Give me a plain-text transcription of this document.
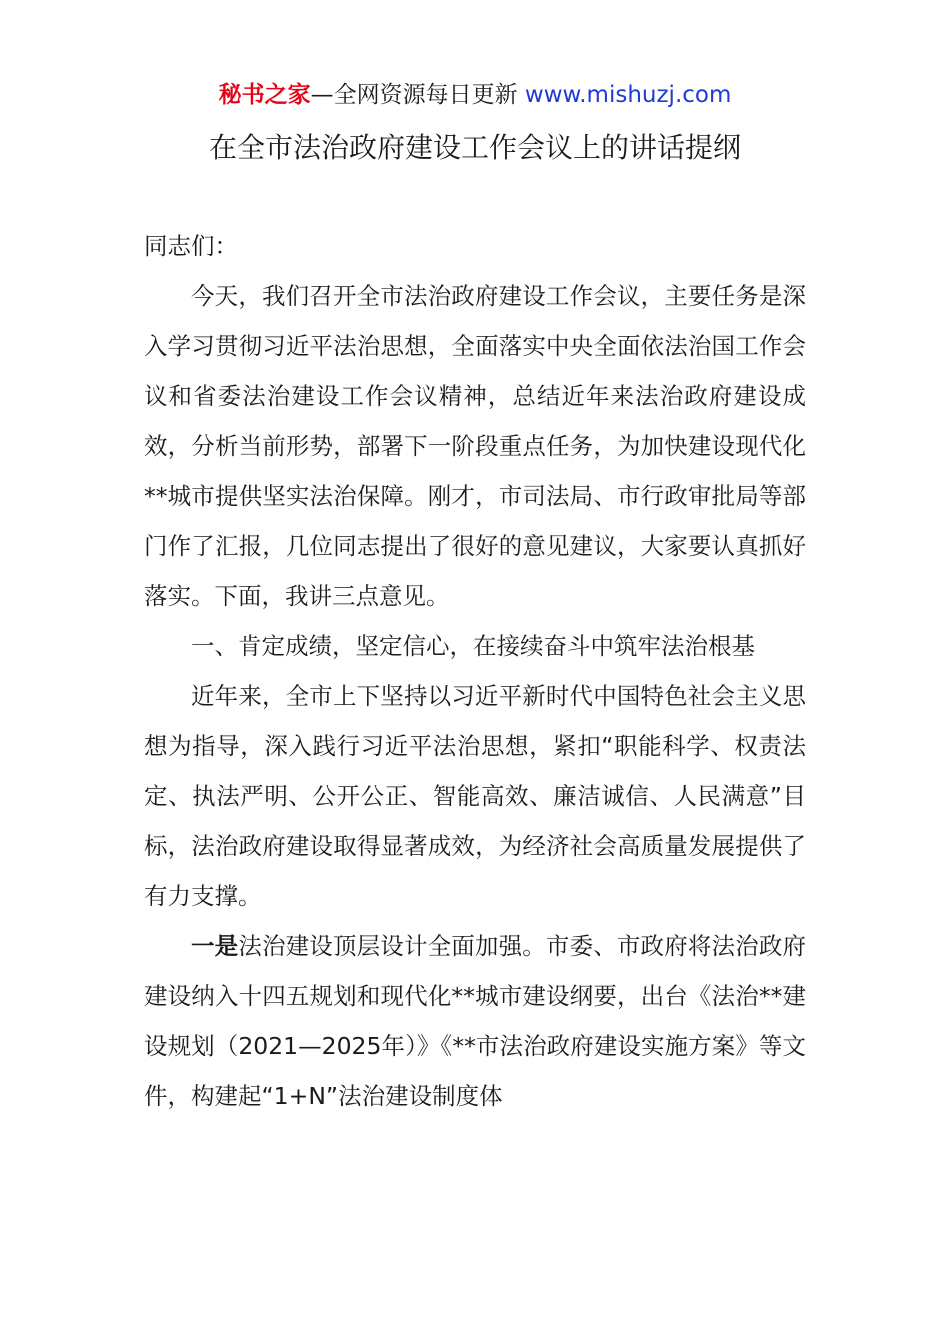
秘书之家—全网资源每日更新 www.mishuzj.com
在全市法治政府建设工作会议上的讲话提纲

同志们：

今天，我们召开全市法治政府建设工作会议，主要任务是深入学习贯彻习近平法治思想，全面落实中央全面依法治国工作会议和省委法治建设工作会议精神，总结近年来法治政府建设成效，分析当前形势，部署下一阶段重点任务，为加快建设现代化**城市提供坚实法治保障。刚才，市司法局、市行政审批局等部门作了汇报，几位同志提出了很好的意见建议，大家要认真抓好落实。下面，我讲三点意见。

一、肯定成绩，坚定信心，在接续奋斗中筑牢法治根基

近年来，全市上下坚持以习近平新时代中国特色社会主义思想为指导，深入践行习近平法治思想，紧扣“职能科学、权责法定、执法严明、公开公正、智能高效、廉洁诚信、人民满意”目标，法治政府建设取得显著成效，为经济社会高质量发展提供了有力支撑。

一是法治建设顶层设计全面加强。市委、市政府将法治政府建设纳入十四五规划和现代化**城市建设纲要，出台《法治**建设规划（2021—2025年）》《**市法治政府建设实施方案》等文件，构建起“1+N”法治建设制度体
